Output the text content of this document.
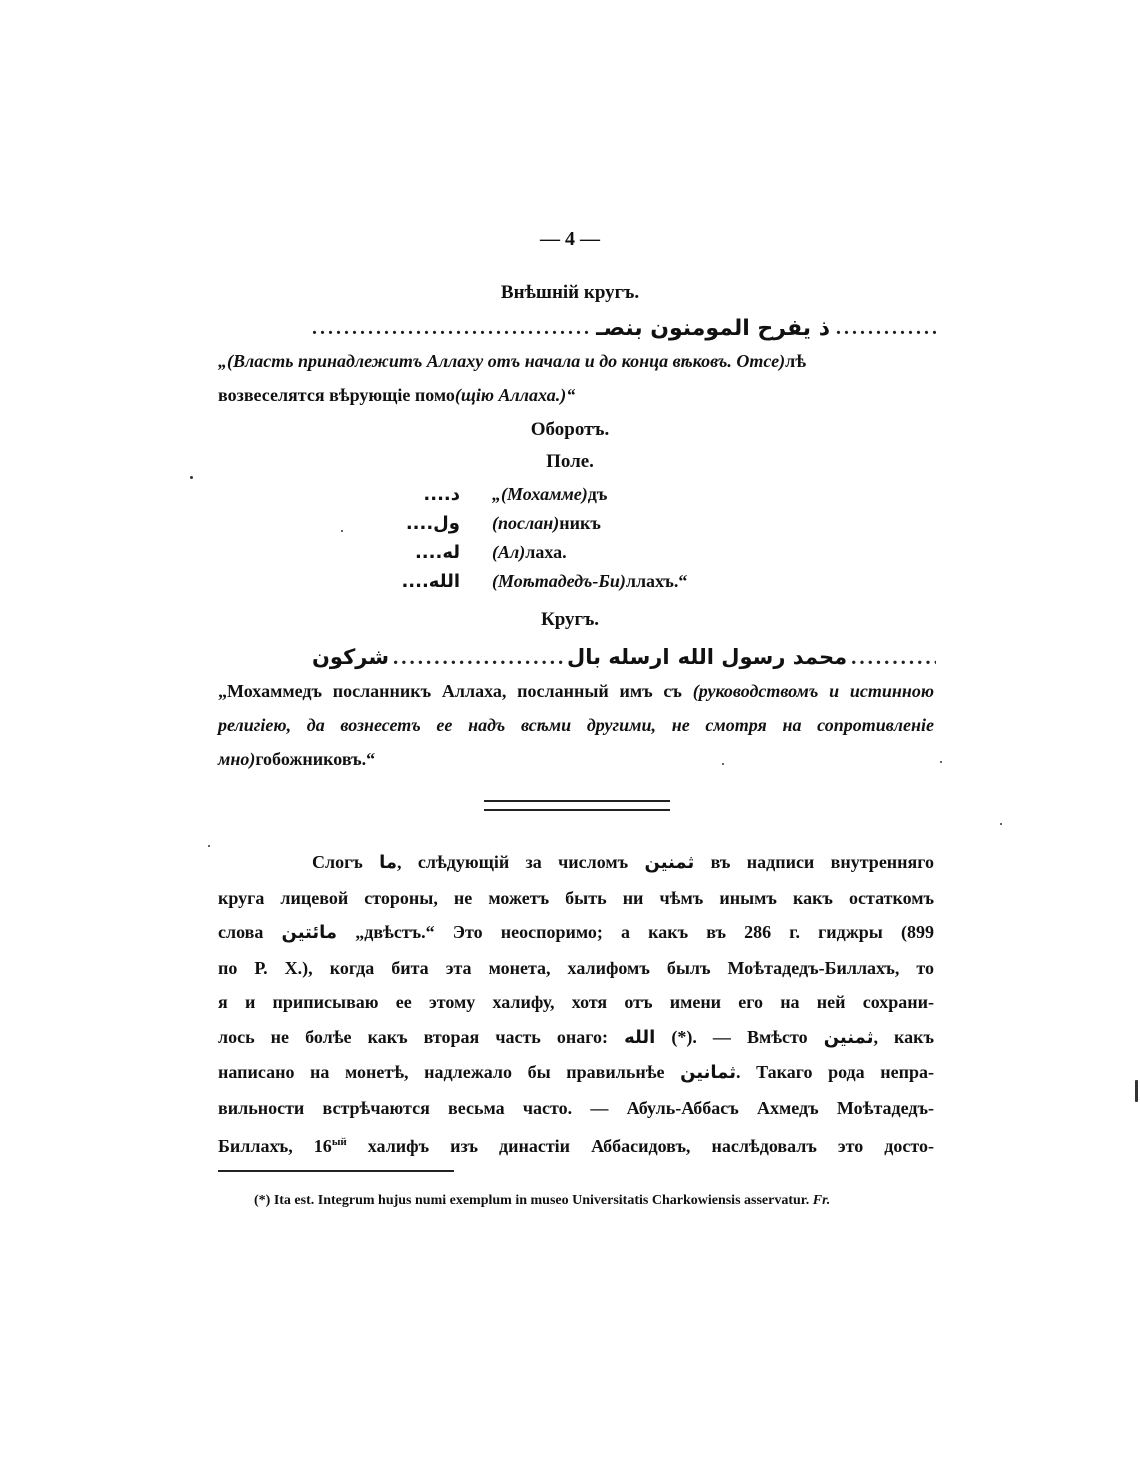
— 4 —
Внѣшній кругъ.
.....
ذ يفرح المومنون بنصـ
.....
„(Власть принадлежитъ Аллаху отъ начала и до конца вѣковъ. Отсе)лѣ
возвеселятся вѣрующіе помо(щію Аллаха.)“
Оборотъ.
Поле.
د.... „(Мохамме)дъ
ول.... (послан)никъ
له.... (Ал)лаха.
الله.... (Моѣтадедъ-Би)ллахъ.“
Кругъ.
شركون
.....	ارسله بال محمد رسول الله
.....
„Мохаммедъ посланникъ Аллаха, посланный имъ съ (руководствомъ и истинною религіею, да вознесетъ ее надъ всѣми другими, не смотря на сопротивленіе мно)гобожниковъ.“
Слогъ ما, слѣдующій за числомъ ثمنين въ надписи внутренняго
круга лицевой стороны, не можетъ быть ни чѣмъ инымъ какъ остаткомъ
слова مائتين „двѣстъ.“ Это неоспоримо; а какъ въ 286 г. гиджры (899
по Р. X.), когда бита эта монета, халифомъ былъ Моѣтадедъ-Биллахъ, то
я и приписываю ее этому халифу, хотя отъ имени его на ней сохрани-
лось не болѣе какъ вторая часть онаго: الله (*). — Вмѣсто ثمنين, какъ
написано на монетѣ, надлежало бы правильнѣе ثمانين. Такаго рода непра-
вильности встрѣчаются весьма часто. — Абуль-Аббасъ Ахмедъ Моѣтадедъ-
Биллахъ, $16^{ый}$ халифъ изъ династіи Аббасидовъ, наслѣдовалъ это досто-
(*) Ita est. Integrum hujus numi exemplum in museo Universitatis Charkowiensis asservatur. Fr.
